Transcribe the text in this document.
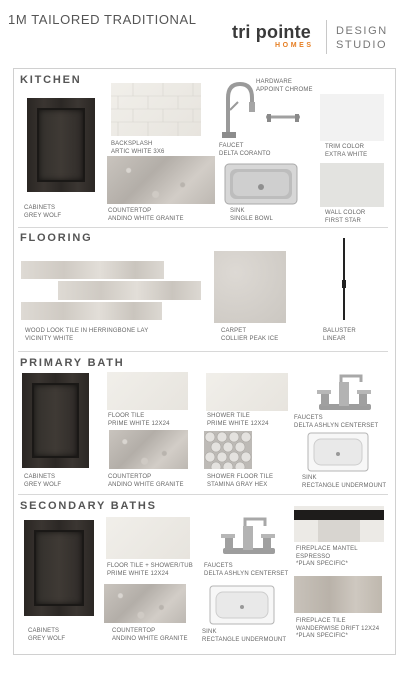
1M TAILORED TRADITIONAL
tri pointe
HOMES
DESIGN
STUDIO
KITCHEN
CABINETS
GREY WOLF
BACKSPLASH
ARTIC WHITE 3X6
COUNTERTOP
ANDINO WHITE GRANITE
HARDWARE
APPOINT CHROME
FAUCET
DELTA CORANTO
SINK
SINGLE BOWL
TRIM COLOR
EXTRA WHITE
WALL COLOR
FIRST STAR
FLOORING
WOOD LOOK TILE IN HERRINGBONE LAY
VICINITY WHITE
CARPET
COLLIER PEAK ICE
BALUSTER
LINEAR
PRIMARY BATH
CABINETS
GREY WOLF
FLOOR TILE
PRIME WHITE 12X24
COUNTERTOP
ANDINO WHITE GRANITE
SHOWER TILE
PRIME WHITE 12X24
SHOWER FLOOR TILE
STAMINA GRAY HEX
FAUCETS
DELTA ASHLYN CENTERSET
SINK
RECTANGLE UNDERMOUNT
SECONDARY BATHS
CABINETS
GREY WOLF
FLOOR TILE + SHOWER/TUB
PRIME WHITE 12X24
COUNTERTOP
ANDINO WHITE GRANITE
FAUCETS
DELTA ASHLYN CENTERSET
SINK
RECTANGLE UNDERMOUNT
FIREPLACE MANTEL
ESPRESSO
*PLAN SPECIFIC*
FIREPLACE TILE
WANDERWISE DRIFT 12X24
*PLAN SPECIFIC*
